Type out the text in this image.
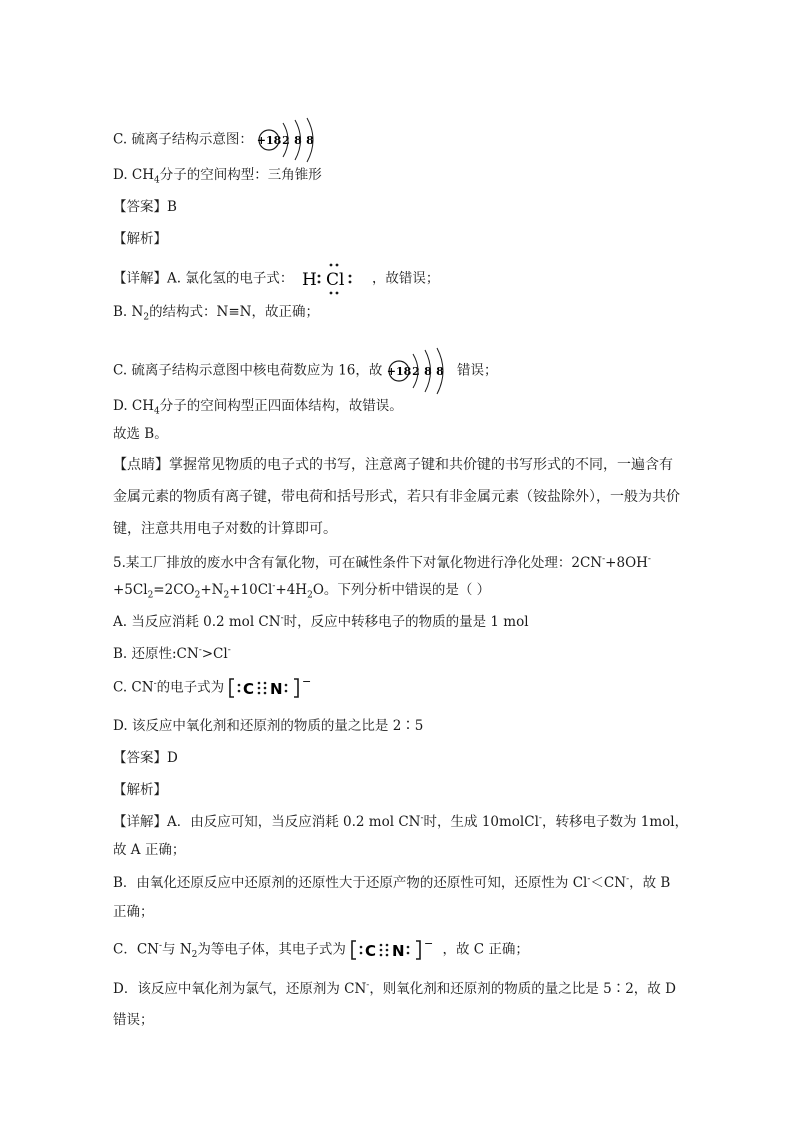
C. 硫离子结构示意图： +18 2 8 8
D. $CH_4$分子的空间构型：三角锥形
【答案】B
【解析】
【详解】A. 氯化氢的电子式： H Cl ，故错误；
B. $N_2$的结构式：N≡N，故正确；
C. 硫离子结构示意图中核电荷数应为 16，故 +18 2 8 8 错误；
D. $CH_4$分子的空间构型正四面体结构，故错误。
故选 B。
【点睛】掌握常见物质的电子式的书写，注意离子键和共价键的书写形式的不同，一遍含有
金属元素的物质有离子键，带电荷和括号形式，若只有非金属元素（铵盐除外），一般为共价
键，注意共用电子对数的计算即可。
5.某工厂排放的废水中含有氰化物，可在碱性条件下对氰化物进行净化处理：2CN-+8OH-
$+5Cl_2=2CO_2+N_2+10Cl^-+4H_2O$。下列分析中错误的是（ ）
A. 当反应消耗 0.2 mol CN-时，反应中转移电子的物质的量是 1 mol
B. 还原性:CN->Cl-
C. CN-的电子式为 C N −
D. 该反应中氧化剂和还原剂的物质的量之比是 2∶5
【答案】D
【解析】
【详解】A．由反应可知，当反应消耗 0.2 mol CN-时，生成 10molCl-，转移电子数为 1mol，
故 A 正确；
B．由氧化还原反应中还原剂的还原性大于还原产物的还原性可知，还原性为 Cl-＜CN-，故 B
正确；
C．CN-与 $N_2$为等电子体，其电子式为 C N − ，故 C 正确；
D．该反应中氧化剂为氯气，还原剂为 CN-，则氧化剂和还原剂的物质的量之比是 5∶2，故 D
错误；
